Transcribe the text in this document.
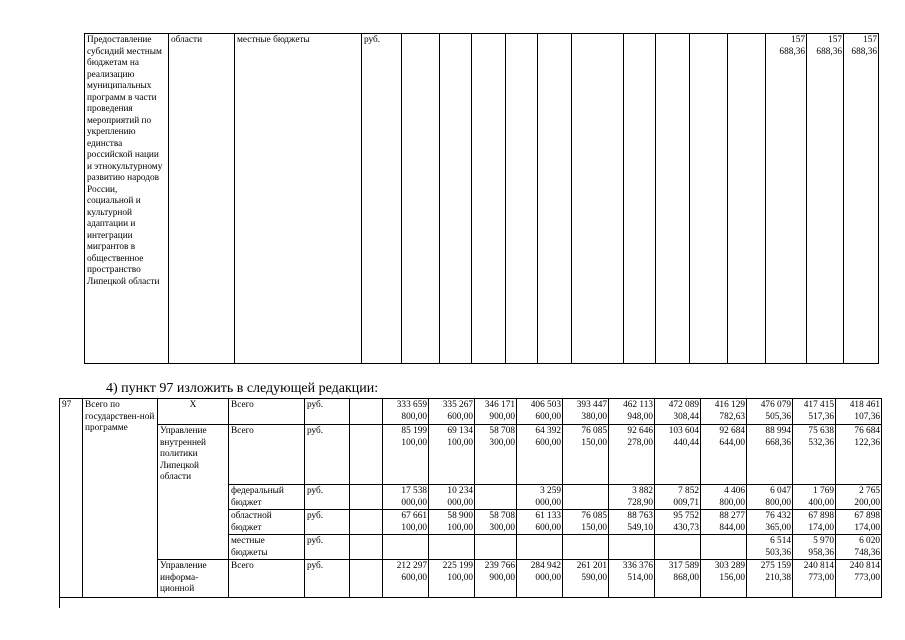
Предоставление субсидий местным бюджетам на реализацию муниципальных программ в части проведения мероприятий по укреплению единства российской нации и этнокультурному развитию народов России, социальной и культурной адаптации и интеграции мигрантов в общественное пространство Липецкой области	области	местные бюджеты	руб.											157
688,36

157
688,36

157
688,36
4) пункт 97 изложить в следующей редакции:
97	Всего по государствен-ной программе	Х	Всего	руб.		333 659
800,00	335 267
600,00	346 171
900,00	406 503
600,00	393 447
380,00	462 113
948,00	472 089
308,44	416 129
782,63	476 079
505,36	417 415
517,36	418 461
107,36

		Управление внутренней политики Липецкой области	Всего	руб.		85 199
100,00	69 134
100,00	58 708
300,00	64 392
600,00	76 085
150,00	92 646
278,00	103 604
440,44	92 684
644,00	88 994
668,36	75 638
532,36	76 684
122,36

			федеральный бюджет	руб.		17 538
000,00	10 234
000,00		3 259
000,00		3 882
728,90	7 852
009,71	4 406
800,00	6 047
800,00	1 769
400,00	2 765
200,00

			областной бюджет	руб.		67 661
100,00	58 900
100,00	58 708
300,00	61 133
600,00	76 085
150,00	88 763
549,10	95 752
430,73	88 277
844,00	76 432
365,00	67 898
174,00	67 898
174,00

			местные бюджеты	руб.										6 514
503,36	5 970
958,36	6 020
748,36

		Управление информа-ционной	Всего	руб.		212 297
600,00	225 199
100,00	239 766
900,00	284 942
000,00	261 201
590,00	336 376
514,00	317 589
868,00	303 289
156,00	275 159
210,38	240 814
773,00	240 814
773,00
